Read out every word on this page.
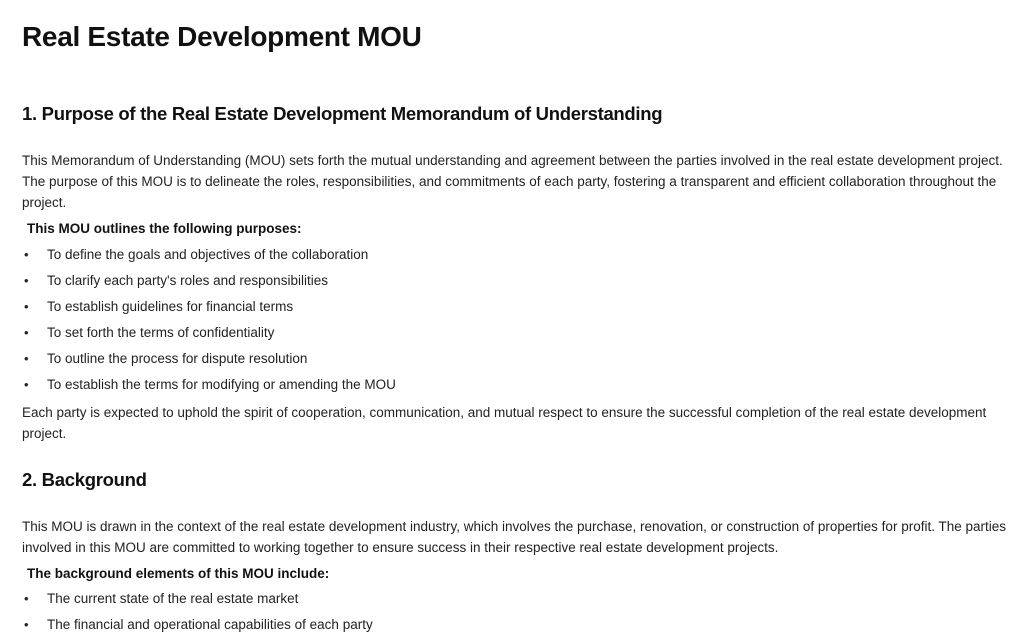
Real Estate Development MOU
1. Purpose of the Real Estate Development Memorandum of Understanding

This Memorandum of Understanding (MOU) sets forth the mutual understanding and agreement between the parties involved in the real estate development project. The purpose of this MOU is to delineate the roles, responsibilities, and commitments of each party, fostering a transparent and efficient collaboration throughout the project.

This MOU outlines the following purposes:

• To define the goals and objectives of the collaboration
• To clarify each party's roles and responsibilities
• To establish guidelines for financial terms
• To set forth the terms of confidentiality
• To outline the process for dispute resolution
• To establish the terms for modifying or amending the MOU

Each party is expected to uphold the spirit of cooperation, communication, and mutual respect to ensure the successful completion of the real estate development project.

2. Background

This MOU is drawn in the context of the real estate development industry, which involves the purchase, renovation, or construction of properties for profit. The parties involved in this MOU are committed to working together to ensure success in their respective real estate development projects.

The background elements of this MOU include:

• The current state of the real estate market
• The financial and operational capabilities of each party
